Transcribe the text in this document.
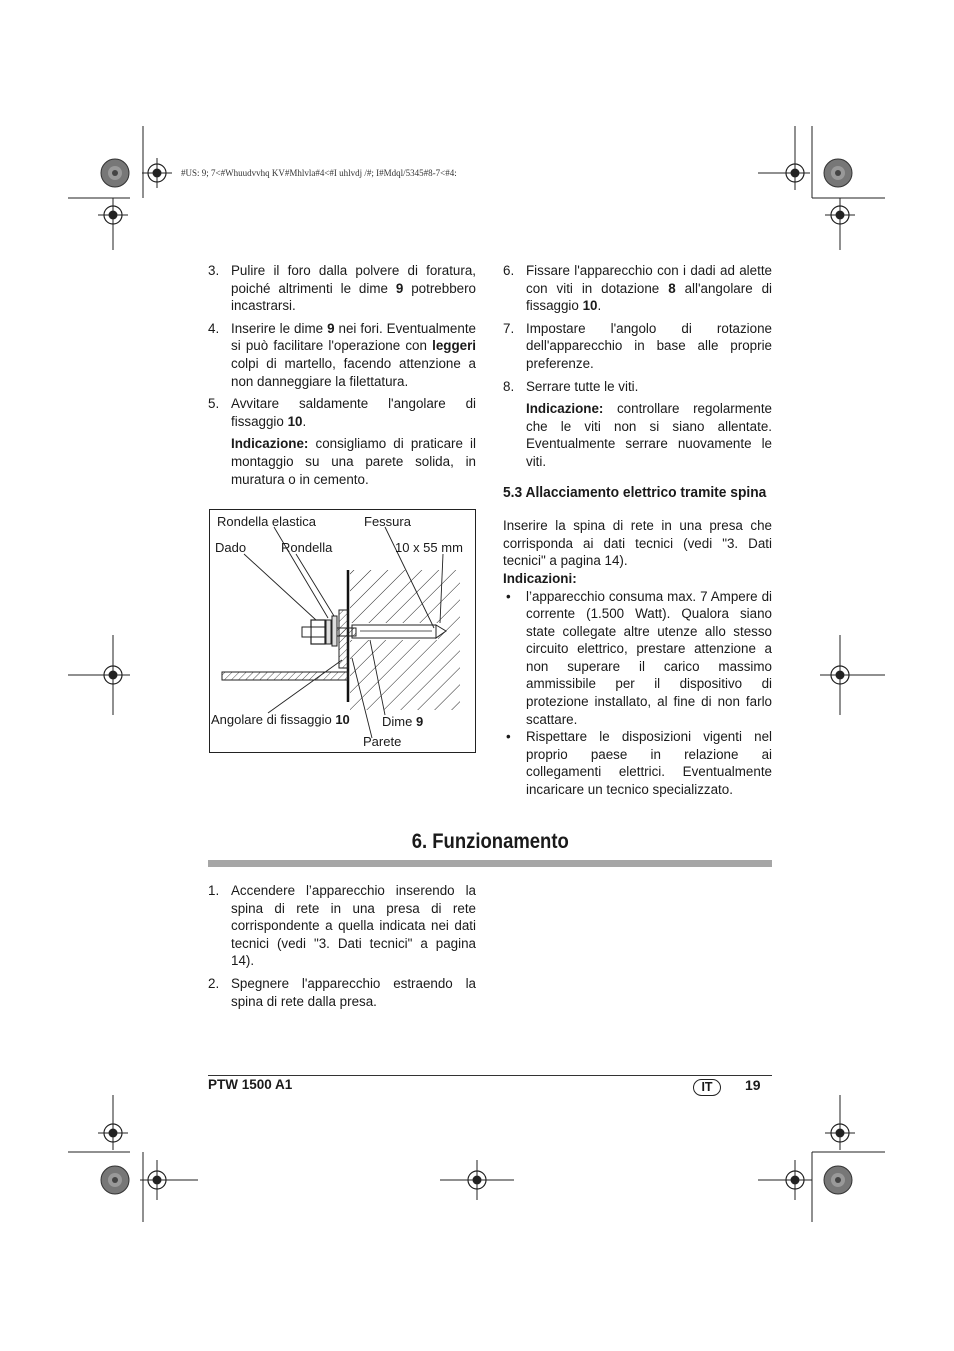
#US: 9; 7<#Whuudvvhq KV#Mhlvla#4<#I uhlvdj /#; I#Mdql/5345#8-7<#4:
3. Pulire il foro dalla polvere di foratura, poiché altrimenti le dime 9 potrebbero incastrarsi.
4. Inserire le dime 9 nei fori. Eventualmente si può facilitare l'operazione con leggeri colpi di martello, facendo attenzione a non danneggiare la filettatura.
5. Avvitare saldamente l'angolare di fissaggio 10.
Indicazione: consigliamo di praticare il montaggio su una parete solida, in muratura o in cemento.
Rondella elastica	Fessura
Dado	Rondella	10 x 55 mm
Angolare di fissaggio 10 Dime 9
Parete
6. Fissare l'apparecchio con i dadi ad alette con viti in dotazione 8 all'angolare di fissaggio 10.
7. Impostare l'angolo di rotazione dell'apparecchio in base alle proprie preferenze.
8. Serrare tutte le viti.
Indicazione: controllare regolarmente che le viti non si siano allentate. Eventualmente serrare nuovamente le viti.
5.3 Allacciamento elettrico tramite spina

Inserire la spina di rete in una presa che corrisponda ai dati tecnici (vedi "3. Dati tecnici" a pagina 14).

Indicazioni:

• l’apparecchio consuma max. 7 Ampere di corrente (1.500 Watt). Qualora siano state collegate altre utenze allo stesso circuito elettrico, prestare attenzione a non superare il carico massimo ammissibile per il dispositivo di protezione installato, al fine di non farlo scattare.
• Rispettare le disposizioni vigenti nel proprio paese in relazione ai collegamenti elettrici. Eventualmente incaricare un tecnico specializzato.
6. Funzionamento
1. Accendere l’apparecchio inserendo la spina di rete in una presa di rete corrispondente a quella indicata nei dati tecnici (vedi "3. Dati tecnici" a pagina 14).
2. Spegnere l'apparecchio estraendo la spina di rete dalla presa.
PTW 1500 A1	IT	19
